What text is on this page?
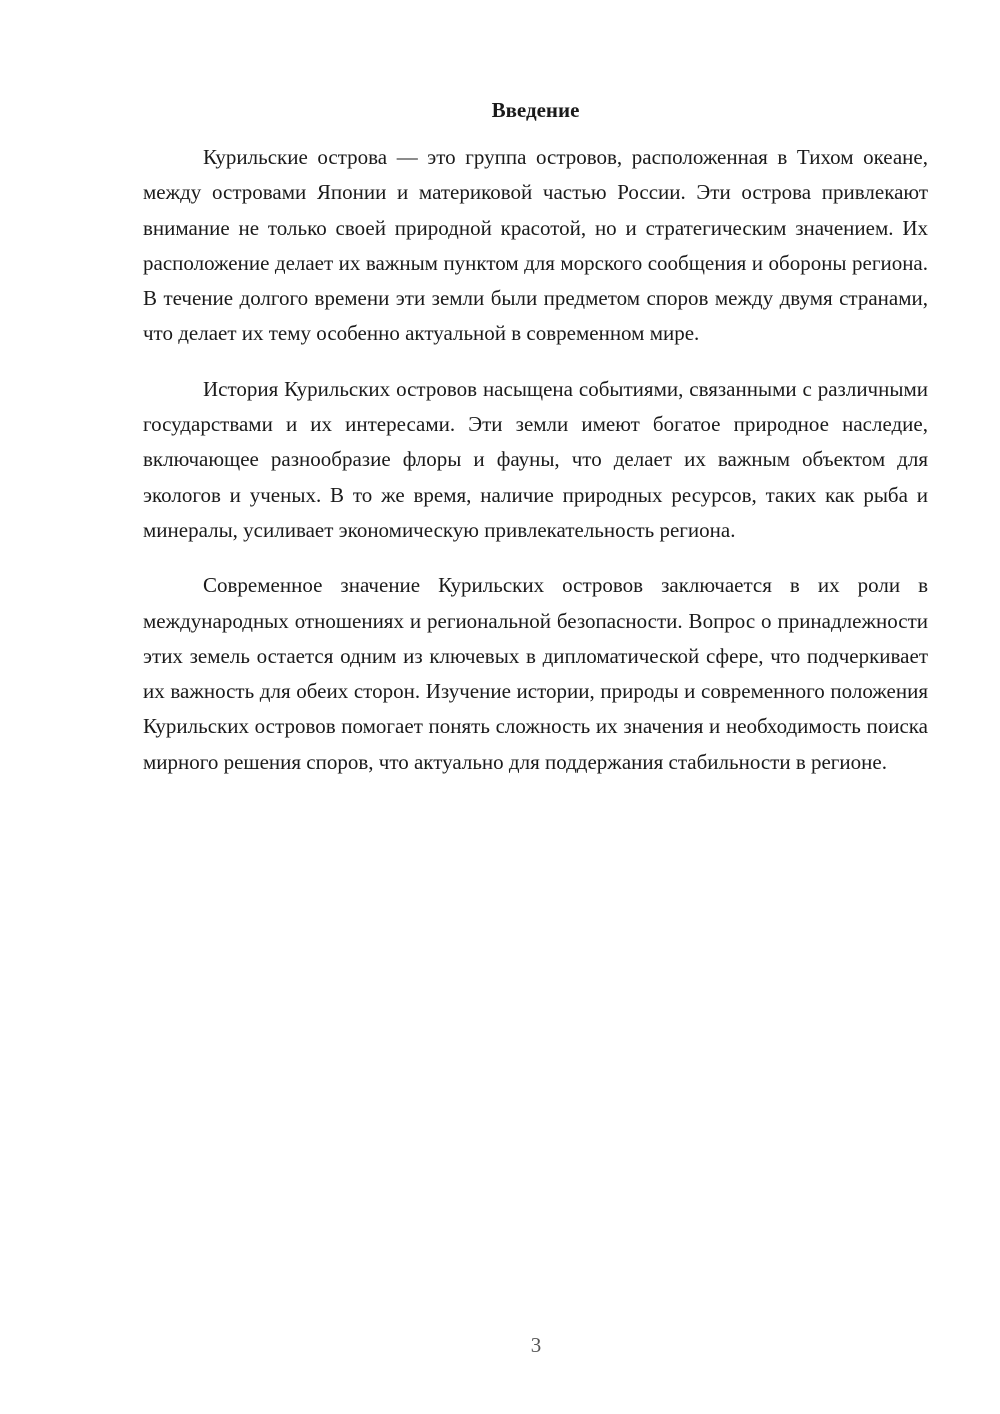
Введение

Курильские острова — это группа островов, расположенная в Тихом океане, между островами Японии и материковой частью России. Эти острова привлекают внимание не только своей природной красотой, но и стратегическим значением. Их расположение делает их важным пунктом для морского сообщения и обороны региона. В течение долгого времени эти земли были предметом споров между двумя странами, что делает их тему особенно актуальной в современном мире.

История Курильских островов насыщена событиями, связанными с различными государствами и их интересами. Эти земли имеют богатое природное наследие, включающее разнообразие флоры и фауны, что делает их важным объектом для экологов и ученых. В то же время, наличие природных ресурсов, таких как рыба и минералы, усиливает экономическую привлекательность региона.

Современное значение Курильских островов заключается в их роли в международных отношениях и региональной безопасности. Вопрос о принадлежности этих земель остается одним из ключевых в дипломатической сфере, что подчеркивает их важность для обеих сторон. Изучение истории, природы и современного положения Курильских островов помогает понять сложность их значения и необходимость поиска мирного решения споров, что актуально для поддержания стабильности в регионе.

3
